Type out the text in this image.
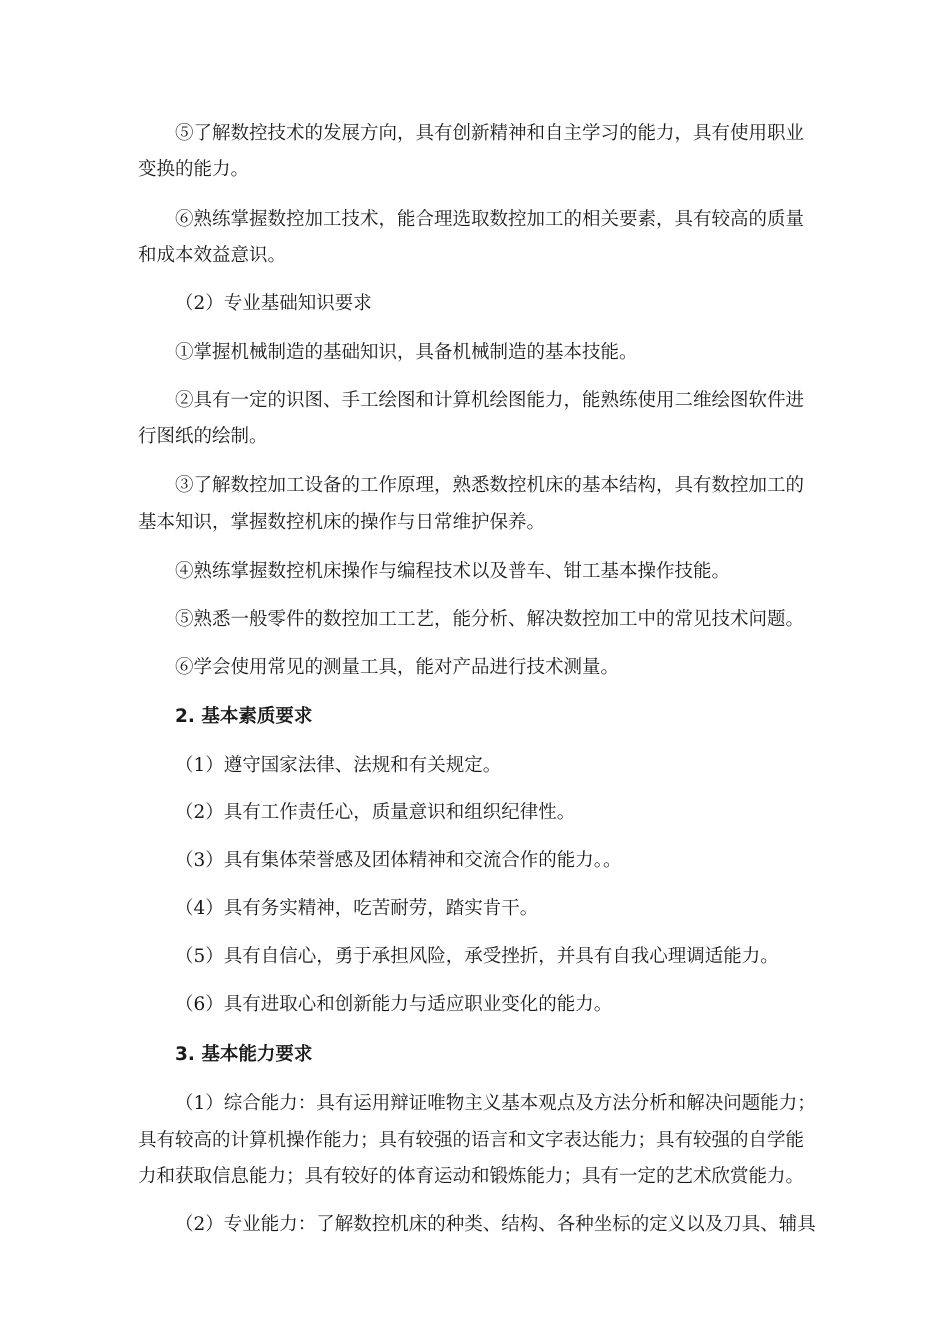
⑤了解数控技术的发展方向，具有创新精神和自主学习的能力，具有使用职业
变换的能力。
⑥熟练掌握数控加工技术，能合理选取数控加工的相关要素，具有较高的质量
和成本效益意识。
（2）专业基础知识要求
①掌握机械制造的基础知识，具备机械制造的基本技能。
②具有一定的识图、手工绘图和计算机绘图能力，能熟练使用二维绘图软件进
行图纸的绘制。
③了解数控加工设备的工作原理，熟悉数控机床的基本结构，具有数控加工的
基本知识，掌握数控机床的操作与日常维护保养。
④熟练掌握数控机床操作与编程技术以及普车、钳工基本操作技能。
⑤熟悉一般零件的数控加工工艺，能分析、解决数控加工中的常见技术问题。
⑥学会使用常见的测量工具，能对产品进行技术测量。
2. 基本素质要求
（1）遵守国家法律、法规和有关规定。
（2）具有工作责任心，质量意识和组织纪律性。
（3）具有集体荣誉感及团体精神和交流合作的能力。。
（4）具有务实精神，吃苦耐劳，踏实肯干。
（5）具有自信心，勇于承担风险，承受挫折，并具有自我心理调适能力。
（6）具有进取心和创新能力与适应职业变化的能力。
3. 基本能力要求
（1）综合能力：具有运用辩证唯物主义基本观点及方法分析和解决问题能力；
具有较高的计算机操作能力；具有较强的语言和文字表达能力；具有较强的自学能
力和获取信息能力；具有较好的体育运动和锻炼能力；具有一定的艺术欣赏能力。
（2）专业能力：了解数控机床的种类、结构、各种坐标的定义以及刀具、辅具
